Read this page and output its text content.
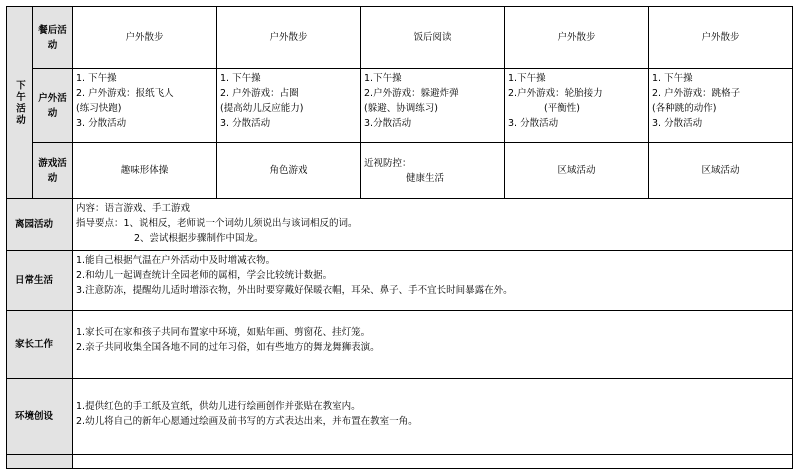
下午活动	餐后活动	户外散步	户外散步	饭后阅读	户外散步	户外散步
	户外活动	1. 下午操
2. 户外游戏：报纸飞人
(练习快跑)
3. 分散活动	1. 下午操
2. 户外游戏：占圈
(提高幼儿反应能力)
3. 分散活动	1.下午操
2.户外游戏：躲避炸弹
(躲避、协调练习)
3.分散活动	1.下午操
2.户外游戏：轮胎接力
(平衡性)
3. 分散活动	1. 下午操
2. 户外游戏：跳格子
(各种跳的动作)
3. 分散活动

	游戏活动	趣味形体操	角色游戏	近视防控：
健康生活	区域活动	区域活动
离园活动		内容：语言游戏、手工游戏
指导要点：1、说相反，老师说一个词幼儿须说出与该词相反的词。
2、尝试根据步骤制作中国龙。				

日常生活		1.能自己根据气温在户外活动中及时增减衣物。
2.和幼儿一起调查统计全园老师的属相，学会比较统计数据。
3.注意防冻，提醒幼儿适时增添衣物，外出时要穿戴好保暖衣帽，耳朵、鼻子、手不宜长时间暴露在外。				

家长工作		1.家长可在家和孩子共同布置家中环境，如贴年画、剪窗花、挂灯笼。
2.亲子共同收集全国各地不同的过年习俗，如有些地方的舞龙舞狮表演。				

环境创设		1.提供红色的手工纸及宣纸，供幼儿进行绘画创作并张贴在教室内。
2.幼儿将自己的新年心愿通过绘画及前书写的方式表达出来，并布置在教室一角。				
